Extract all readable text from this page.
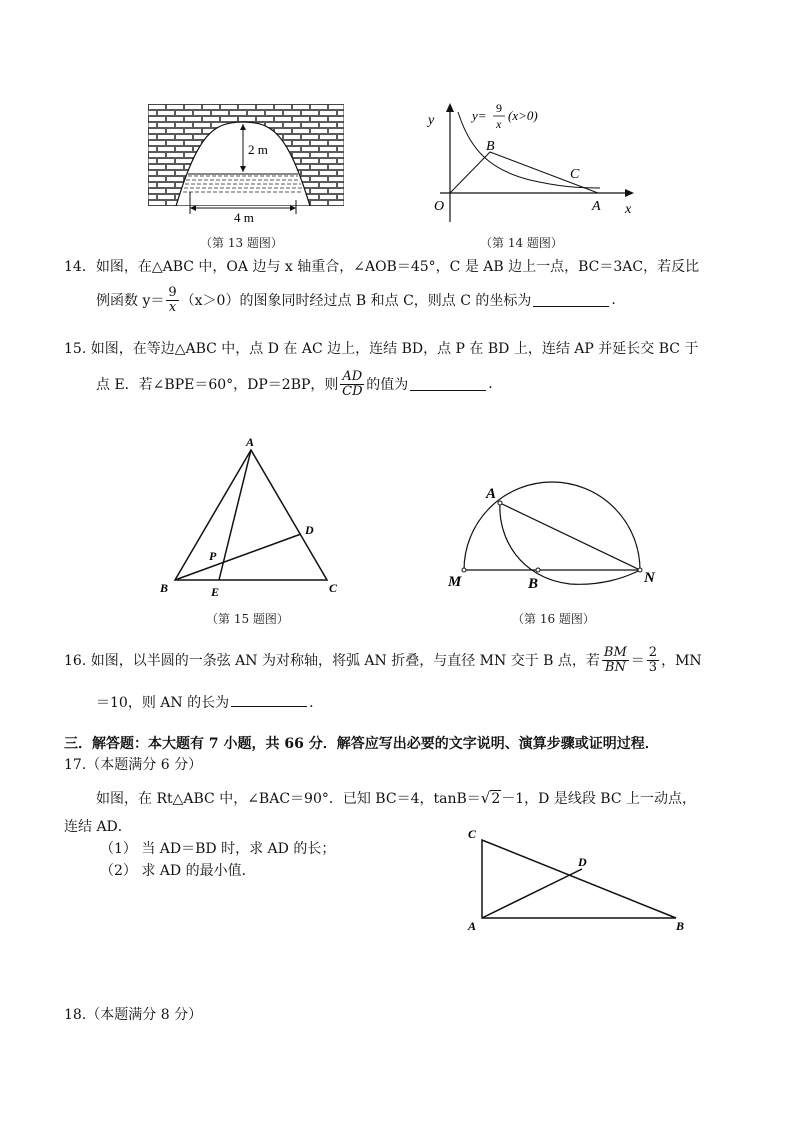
2 m
4 m
（第 13 题图）
y
x
O	A
B
C
y= 9
x
(x>0)
（第 14 题图）
14．如图，在△ABC 中，OA 边与 x 轴重合，∠AOB＝45°，C 是 AB 边上一点，BC＝3AC，若反比
例函数 $y= \frac{9}{x} (x>0)$的图象同时经过点 B 和点 C，则点 C 的坐标为	.
15. 如图，在等边△ABC 中，点 D 在 AC 边上，连结 BD，点 P 在 BD 上，连结 AP 并延长交 BC 于
点 E．若∠BPE＝60°，DP＝2BP，则 $\frac{AD}{CD}$ 的值为	.
A
B	C
D
P
E
（第 15 题图）
A
M	B	N
（第 16 题图）
16. 如图，以半圆的一条弦 AN 为对称轴，将弧 AN 折叠，与直径 MN 交于 B 点，若 $\frac{BM}{BN} = \frac{2}{3}$ ，MN
＝10，则 AN 的长为	.
三．解答题：本大题有 7 小题，共 66 分．解答应写出必要的文字说明、演算步骤或证明过程．
17.（本题满分 6 分）
如图，在 Rt△ABC 中，∠BAC＝90°．已知 BC＝4，tanB＝ √ 2 －1，D 是线段 BC 上一动点，
连结 AD．
（1） 当 AD＝BD 时，求 AD 的长；
（2） 求 AD 的最小值．
C
A	B
D
18.（本题满分 8 分）
